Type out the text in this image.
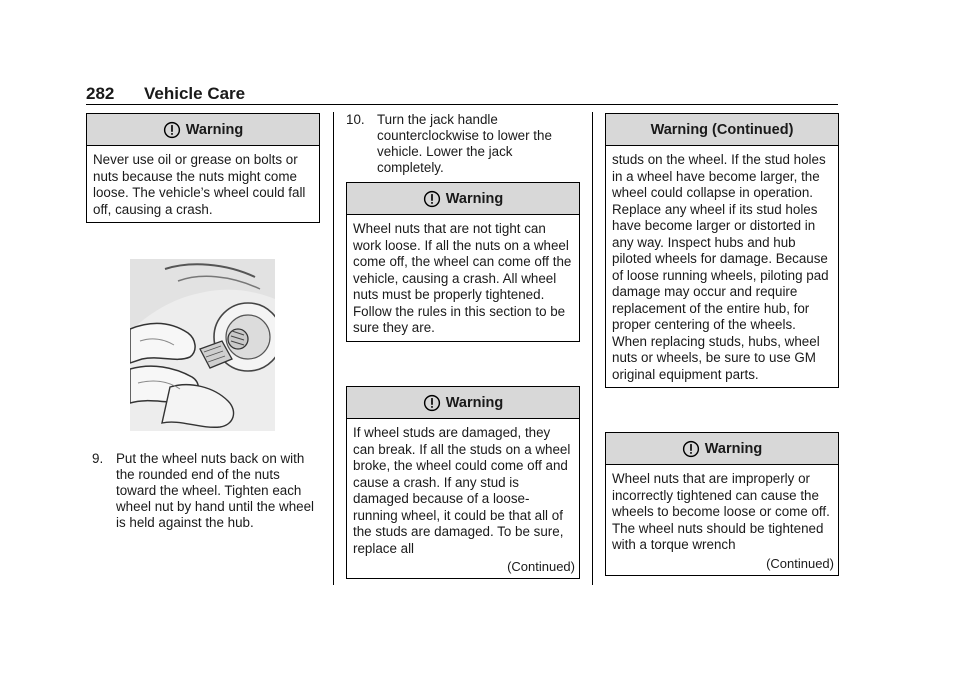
282 Vehicle Care
Warning
Never use oil or grease on bolts or nuts because the nuts might come loose. The vehicle’s wheel could fall off, causing a crash.
9. Put the wheel nuts back on with the rounded end of the nuts toward the wheel. Tighten each wheel nut by hand until the wheel is held against the hub.
10. Turn the jack handle counterclockwise to lower the vehicle. Lower the jack completely.
Warning
Wheel nuts that are not tight can work loose. If all the nuts on a wheel come off, the wheel can come off the vehicle, causing a crash. All wheel nuts must be properly tightened. Follow the rules in this section to be sure they are.
Warning
If wheel studs are damaged, they can break. If all the studs on a wheel broke, the wheel could come off and cause a crash. If any stud is damaged because of a loose-running wheel, it could be that all of the studs are damaged. To be sure, replace all
(Continued)
Warning (Continued)
studs on the wheel. If the stud holes in a wheel have become larger, the wheel could collapse in operation. Replace any wheel if its stud holes have become larger or distorted in any way. Inspect hubs and hub piloted wheels for damage. Because of loose running wheels, piloting pad damage may occur and require replacement of the entire hub, for proper centering of the wheels. When replacing studs, hubs, wheel nuts or wheels, be sure to use GM original equipment parts.
Warning
Wheel nuts that are improperly or incorrectly tightened can cause the wheels to become loose or come off. The wheel nuts should be tightened with a torque wrench
(Continued)
